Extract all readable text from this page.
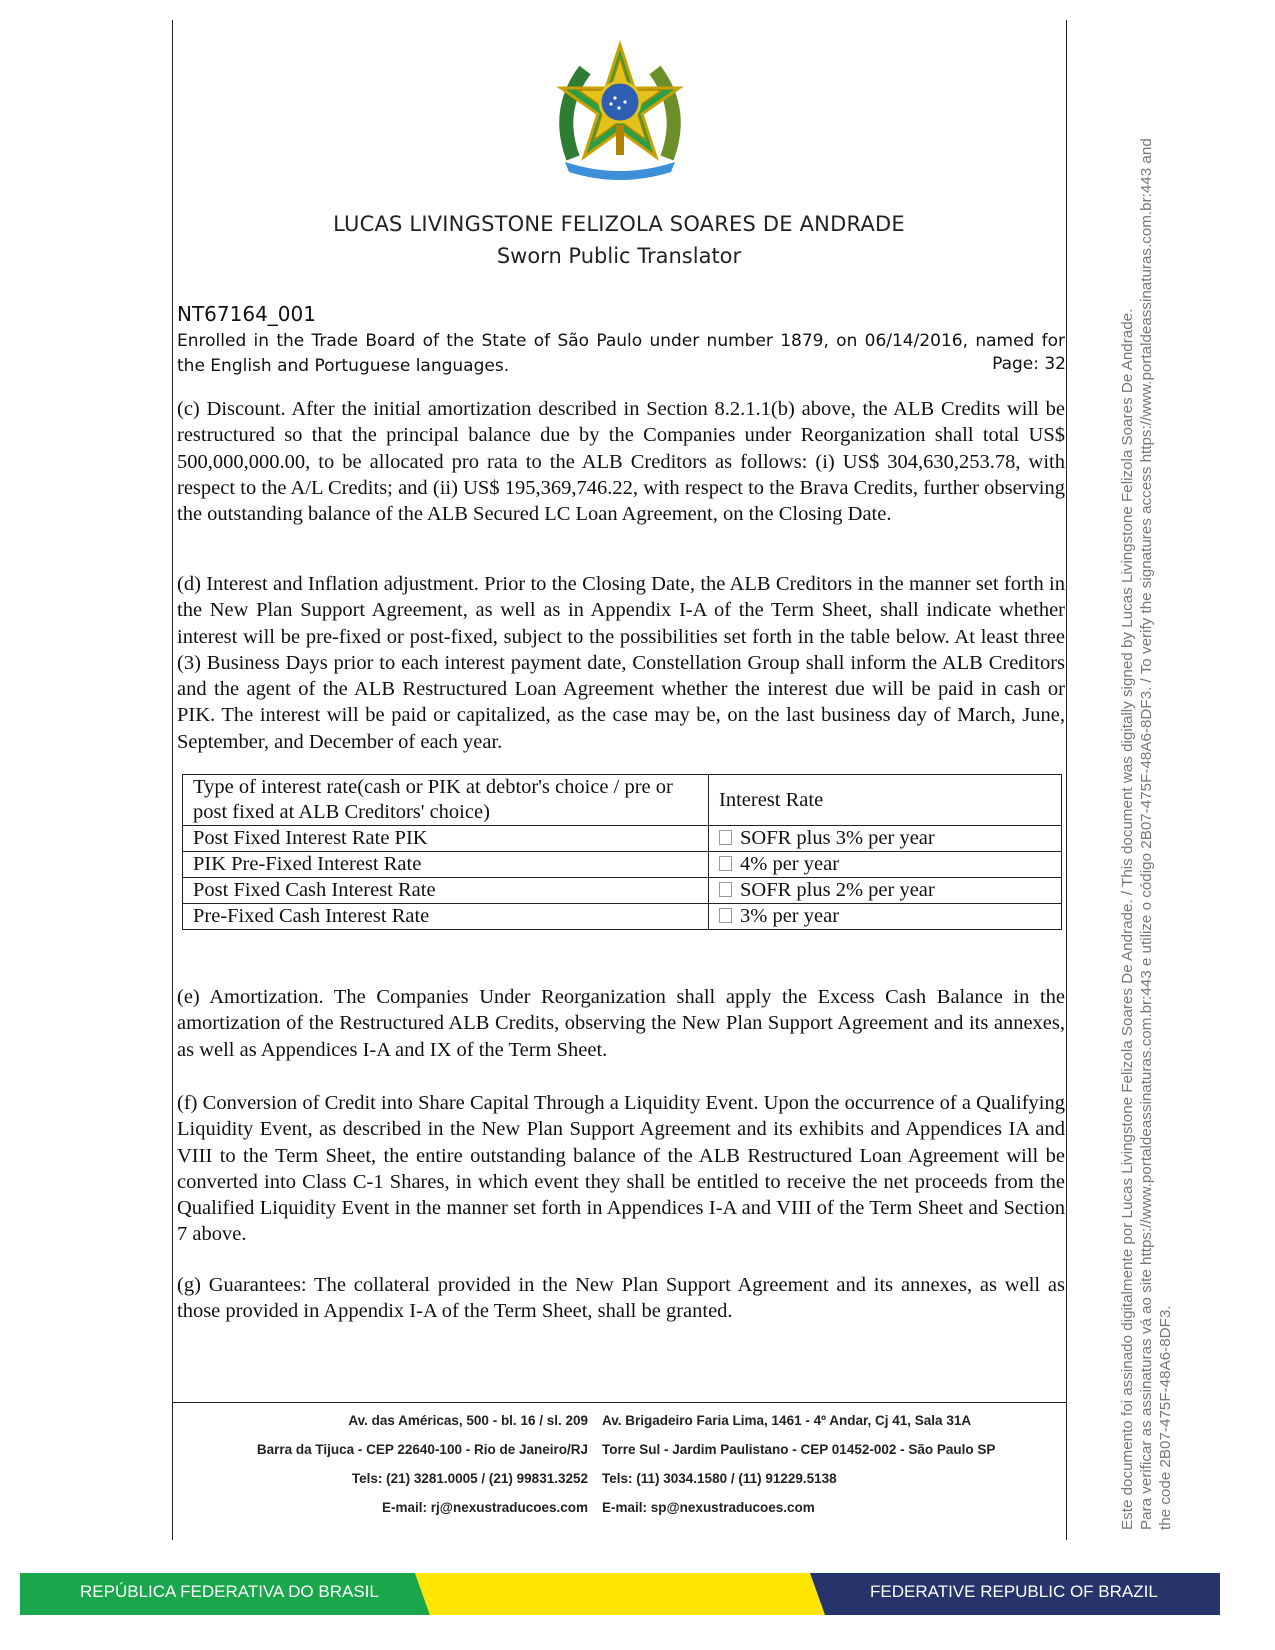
LUCAS LIVINGSTONE FELIZOLA SOARES DE ANDRADE
Sworn Public Translator
NT67164_001
Enrolled in the Trade Board of the State of São Paulo under number 1879, on 06/14/2016, named for the English and Portuguese languages.	Page: 32

(c) Discount. After the initial amortization described in Section 8.2.1.1(b) above, the ALB Credits will be restructured so that the principal balance due by the Companies under Reorganization shall total US$ 500,000,000.00, to be allocated pro rata to the ALB Creditors as follows: (i) US$ 304,630,253.78, with respect to the A/L Credits; and (ii) US$ 195,369,746.22, with respect to the Brava Credits, further observing the outstanding balance of the ALB Secured LC Loan Agreement, on the Closing Date.

(d) Interest and Inflation adjustment. Prior to the Closing Date, the ALB Creditors in the manner set forth in the New Plan Support Agreement, as well as in Appendix I-A of the Term Sheet, shall indicate whether interest will be pre-fixed or post-fixed, subject to the possibilities set forth in the table below. At least three (3) Business Days prior to each interest payment date, Constellation Group shall inform the ALB Creditors and the agent of the ALB Restructured Loan Agreement whether the interest due will be paid in cash or PIK. The interest will be paid or capitalized, as the case may be, on the last business day of March, June, September, and December of each year.

Type of interest rate(cash or PIK at debtor's choice / pre or post fixed at ALB Creditors' choice)	Interest Rate
Post Fixed Interest Rate PIK	SOFR plus 3% per year
PIK Pre-Fixed Interest Rate	4% per year
Post Fixed Cash Interest Rate	SOFR plus 2% per year
Pre-Fixed Cash Interest Rate	3% per year

(e) Amortization. The Companies Under Reorganization shall apply the Excess Cash Balance in the amortization of the Restructured ALB Credits, observing the New Plan Support Agreement and its annexes, as well as Appendices I-A and IX of the Term Sheet.

(f) Conversion of Credit into Share Capital Through a Liquidity Event. Upon the occurrence of a Qualifying Liquidity Event, as described in the New Plan Support Agreement and its exhibits and Appendices IA and VIII to the Term Sheet, the entire outstanding balance of the ALB Restructured Loan Agreement will be converted into Class C-1 Shares, in which event they shall be entitled to receive the net proceeds from the Qualified Liquidity Event in the manner set forth in Appendices I-A and VIII of the Term Sheet and Section 7 above.

(g) Guarantees: The collateral provided in the New Plan Support Agreement and its annexes, as well as those provided in Appendix I-A of the Term Sheet, shall be granted.

Av. das Américas, 500 - bl. 16 / sl. 209
Barra da Tijuca - CEP 22640-100 - Rio de Janeiro/RJ
Tels: (21) 3281.0005 / (21) 99831.3252
E-mail: rj@nexustraducoes.com
Av. Brigadeiro Faria Lima, 1461 - 4º Andar, Cj 41, Sala 31A
Torre Sul - Jardim Paulistano - CEP 01452-002 - São Paulo SP
Tels: (11) 3034.1580 / (11) 91229.5138
E-mail: sp@nexustraducoes.com	Este documento foi assinado digitalmente por Lucas Livingstone Felizola Soares De Andrade. / This document was digitally signed by Lucas Livingstone Felizola Soares De Andrade. Para verificar as assinaturas vá ao site https://www.portaldeassinaturas.com.br:443 e utilize o código 2B07-475F-48A6-8DF3. / To verify the signatures access https://www.portaldeassinaturas.com.br:443 and the code 2B07-475F-48A6-8DF3.
REPÚBLICA FEDERATIVA DO BRASIL	FEDERATIVE REPUBLIC OF BRAZIL
